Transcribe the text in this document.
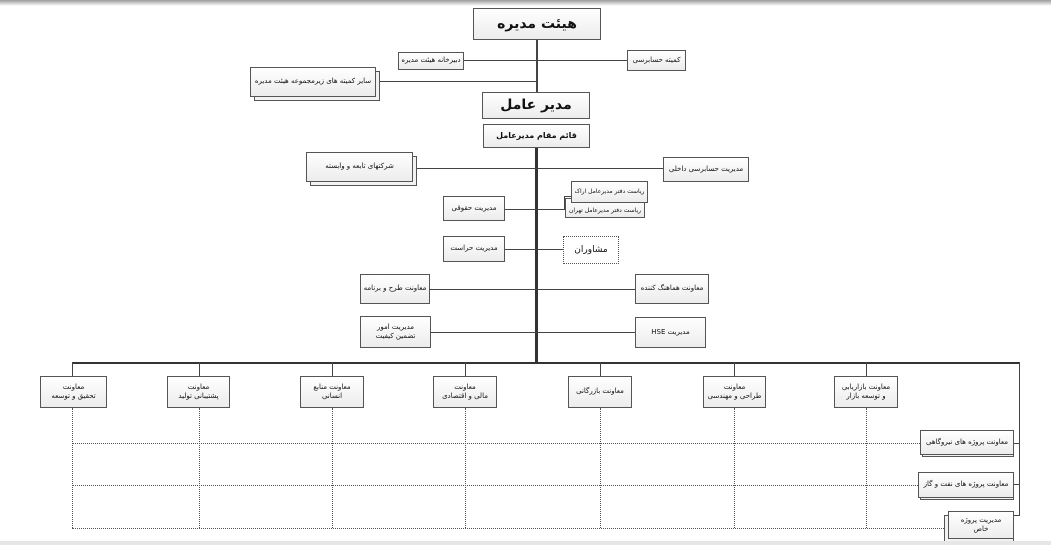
هیئت مدیره
دبیرخانه هیئت مدیره	کمیته حسابرسی
سایر کمیته های زیرمجموعه هیئت مدیره
مدیر عامل
قائم مقام مدیرعامل
شرکتهای تابعه و وابسته	مدیریت حسابرسی داخلی
ریاست دفتر مدیرعامل تهران
ریاست دفتر مدیرعامل اراک
مدیریت حقوقی
مدیریت حراست	مشاوران
معاونت طرح و برنامه	معاونت هماهنگ کننده
مدیریت امور
تضمین کیفیت
مدیریت HSE
معاونت
تحقیق و توسعه
معاونت
پشتیبانی تولید
معاونت منابع انسانی
معاونت
مالی و اقتصادی
معاونت بازرگانی
معاونت
طراحی و مهندسی
معاونت بازاریابی
و توسعه بازار
معاونت پروژه های نیروگاهی
معاونت پروژه های نفت و گاز
مدیریت پروژه
خاص
